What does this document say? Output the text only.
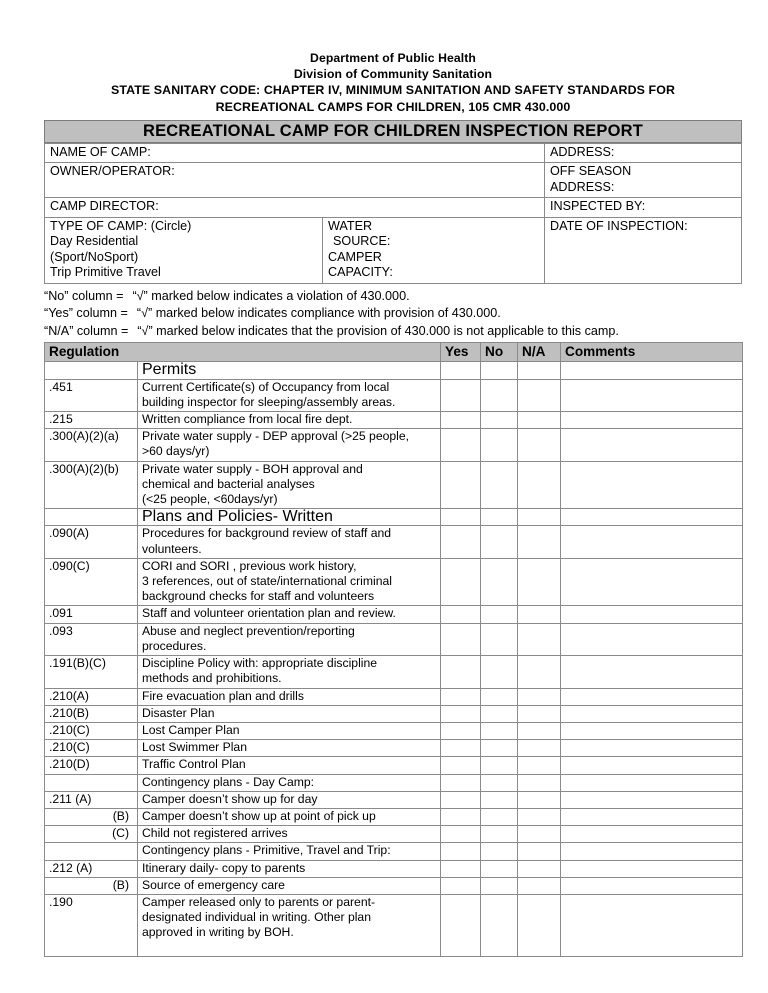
Department of Public Health
Division of Community Sanitation
STATE SANITARY CODE: CHAPTER IV, MINIMUM SANITATION AND SAFETY STANDARDS FOR
RECREATIONAL CAMPS FOR CHILDREN, 105 CMR 430.000
RECREATIONAL CAMP FOR CHILDREN INSPECTION REPORT
NAME OF CAMP:		ADDRESS:
OWNER/OPERATOR:		OFF SEASON
ADDRESS:

CAMP DIRECTOR:		INSPECTED BY:

TYPE OF CAMP: (Circle)
Day Residential
(Sport/NoSport)
Trip Primitive Travel	WATER
SOURCE:
CAMPER
CAPACITY:	DATE OF INSPECTION:
“No” column = “√” marked below indicates a violation of 430.000.
“Yes” column = “√” marked below indicates compliance with provision of 430.000.
“N/A” column = “√” marked below indicates that the provision of 430.000 is not applicable to this camp.
Regulation		Yes	No	N/A	Comments
	Permits				
.451	Current Certificate(s) of Occupancy from local
building inspector for sleeping/assembly areas.				
.215	Written compliance from local fire dept.				
.300(A)(2)(a)	Private water supply - DEP approval (>25 people,
>60 days/yr)				
.300(A)(2)(b)	Private water supply - BOH approval and
chemical and bacterial analyses
(<25 people, <60days/yr)				
	Plans and Policies- Written				
.090(A)	Procedures for background review of staff and
volunteers.				
.090(C)	CORI and SORI , previous work history,
3 references, out of state/international criminal
background checks for staff and volunteers				
.091	Staff and volunteer orientation plan and review.				
.093	Abuse and neglect prevention/reporting
procedures.				
.191(B)(C)	Discipline Policy with: appropriate discipline
methods and prohibitions.				
.210(A)	Fire evacuation plan and drills				
.210(B)	Disaster Plan				
.210(C)	Lost Camper Plan				
.210(C)	Lost Swimmer Plan				
.210(D)	Traffic Control Plan				
	Contingency plans - Day Camp:				
.211 (A)	Camper doesn’t show up for day				
(B)	Camper doesn’t show up at point of pick up				
(C)	Child not registered arrives				
	Contingency plans - Primitive, Travel and Trip:				
.212 (A)	Itinerary daily- copy to parents				
(B)	Source of emergency care				
.190	Camper released only to parents or parent-
designated individual in writing. Other plan
approved in writing by BOH.				
